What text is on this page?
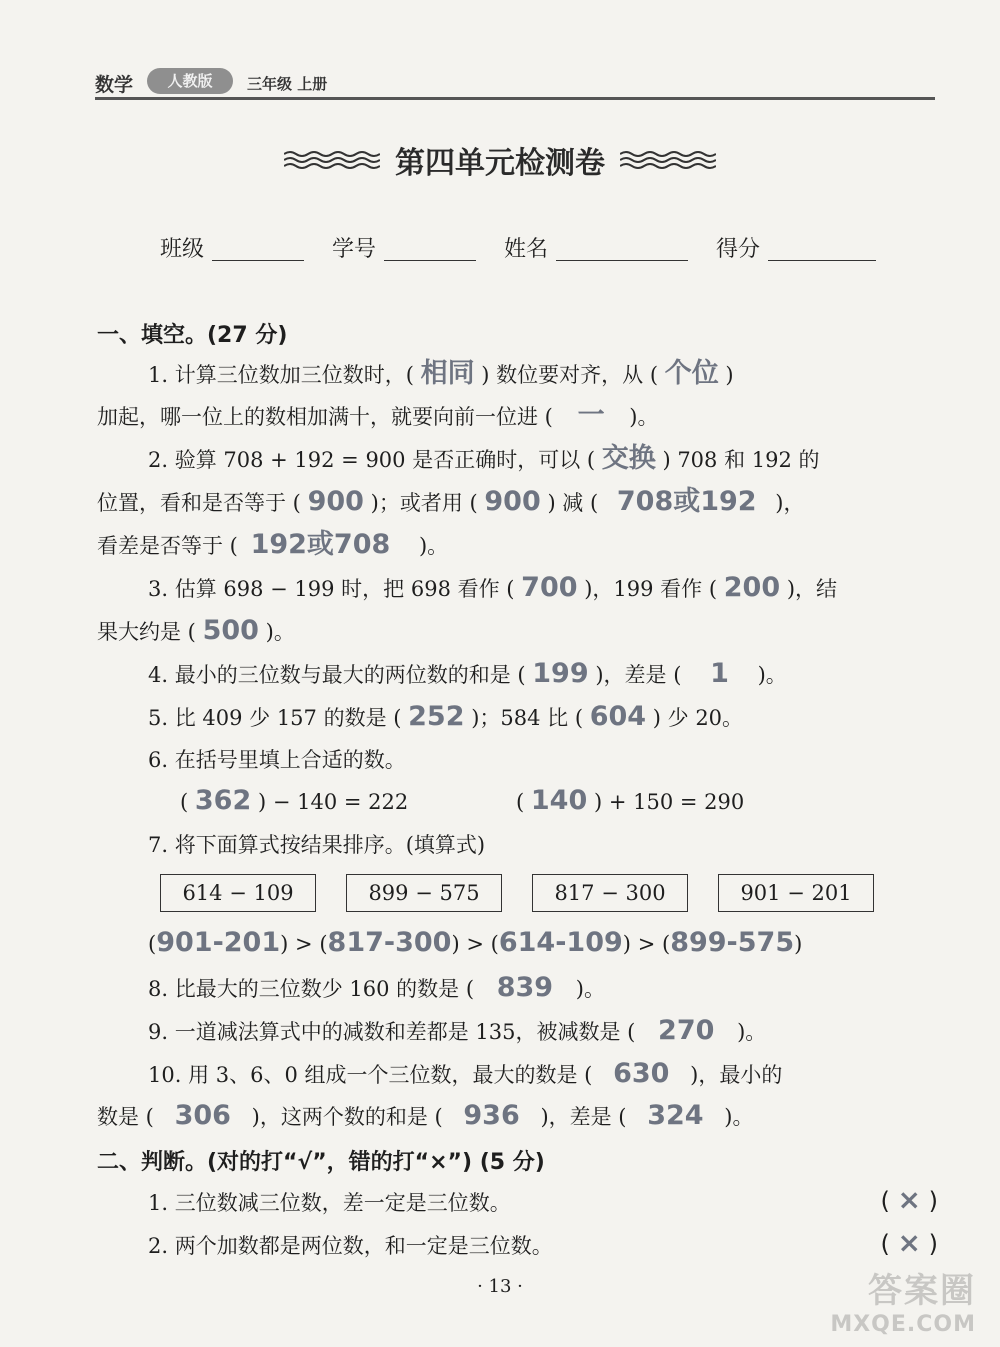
数学	人教版	三年级 上册
第四单元检测卷
班级	学号	姓名	得分
一、填空。(27 分)
1. 计算三位数加三位数时，( 相同 ) 数位要对齐，从 ( 个位 )
加起，哪一位上的数相加满十，就要向前一位进 ( 一 )。
2. 验算 708 + 192 = 900 是否正确时，可以 ( 交换 ) 708 和 192 的
位置，看和是否等于 ( 900 )；或者用 ( 900 ) 减 ( 708或192 )，
看差是否等于 ( 192或708 )。
3. 估算 698 − 199 时，把 698 看作 ( 700 )，199 看作 ( 200 )，结
果大约是 ( 500 )。
4. 最小的三位数与最大的两位数的和是 ( 199 )，差是 ( 1 )。
5. 比 409 少 157 的数是 ( 252 )；584 比 ( 604 ) 少 20。
6. 在括号里填上合适的数。
( 362 ) − 140 = 222	( 140 ) + 150 = 290
7. 将下面算式按结果排序。(填算式)
614 − 109	899 − 575	817 − 300	901 − 201
(901-201) > (817-300) > (614-109) > (899-575)
8. 比最大的三位数少 160 的数是 ( 839 )。
9. 一道减法算式中的减数和差都是 135，被减数是 ( 270 )。
10. 用 3、6、0 组成一个三位数，最大的数是 ( 630 )，最小的
数是 ( 306 )，这两个数的和是 ( 936 )，差是 ( 324 )。
二、判断。(对的打“√”，错的打“×”) (5 分)
1. 三位数减三位数，差一定是三位数。	( × )
2. 两个加数都是两位数，和一定是三位数。	( × )
· 13 ·	答案圈
MXQE.COM
